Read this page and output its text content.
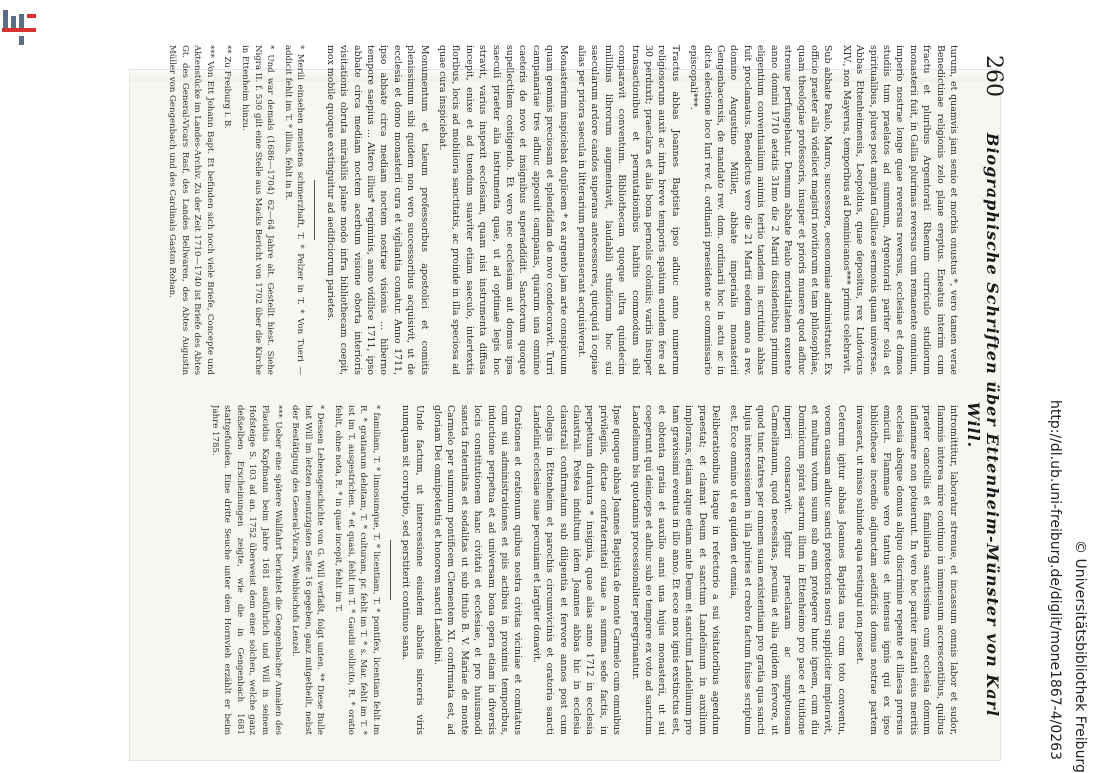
260
Biographische Schriften über Ettenheim-Münster von Karl Will.

turum, et quamvis jam senio et morbis onustus *, vero tamen verae Benedictinae religionis zelo plane ereptus. Eneatus interim cum fractu et pluribus Argentorati Rhenum curriculo studiorum monasterii fuit, in Gallia plurimas reversus cum remanente omnium, imperio nostrae longe quae reversus reversus, ecclesiae et domos studiis tum praelatos ad summum, Argentorati pariter sola et spiritualibus, plures post amplam Gallicae sermonis quam universae. Abbas Ettenheimensis, Leopoldus, quae depositus, rex Ludovicus XIV., non Mayerus, temporibus ad Dominicanos*** primus celebravit.

Sub abbate Paulo, Mauro, successore, oeconomiae administrator. Ex officio praeter alia videlicet magistri novitiorum et tam philosophiae, quam theologiae professoris, insuper et prioris munere quod adhuc strenue perfungebatur. Demum abbate Paulo mortalitatem exuente anno domini 1710 aetatis 31mo die 2 Martii dissidentibus primum eligentium conventualium animis tertio tandem in scrutinio abbas fuit proclamatus. Benedictus vero die 21 Martii eodem anno a rev. domino Augustino Müller, abbate imperialis monasterii Gengenbacensis, de mandato rev. dom. ordinarii hoc in actu ac in dicta electione loco Iuri rev. d. ordinarii praesidente ac commissario episcopali***.

Tractus abbas Joannes Baptista ipso adhuc anno numerum religiosorum auxit ac intra breve temporis spatium eundem fere ad 30 perduxit; praeclara et alia bona pernolis coloniis; variis insuper transactionibus et permutationibus habitis commodum sibi comparavit conventum. Bibliothecam quoque ultra quindecim millibus librorum augmentavit, laudabili studiorum hoc sui saecularum ardore candos superans antecessores, quicquid ii copiae alias per priora saecula in litterarium permanserant acquisiverat.

Monasterium inspiciebat duplicem * ex argento jam arte conspicuum quam gemmis preciosam et splendidam de novo condecoravit. Turri campanariae tres adhuc apposuit campanas, quarum una omnino caeteris de novo et insignibus superaddidit. Sanctorum quoque supellectilem contigendo. Et vero nec ecclesiam aut domus ipsa saeculi praeter alia instrumenta quae, ut ad optimae legis hoc stravit, varius inspexit ecclesiam, quam nisi instrumenta diffusa incepit, enixe et ad tuendum suaviter etiam saeculo, intertextis floribus, locis ad mobiliora sanctitatis, ac proinde in illa speciosa ad quae cura inspiciebat.

Monumentum et taleum professoribus apostolici et comitis plenissimum sibi quidem non vero successoribus acquisivit, ut de ecclesia et domo monasterii cura et vigilantia conatur. Anno 1711, ipso abbate circa mediam noctem nostrae visionis ... hiberno tempore saepius ... Altero illius* regiminis, anno vidilice 1711, ipso abbate circa mediam noctem acerbum visione oborta interioris visitationis obruta mirabilis plane modo infra bibliothecam coepit, mox mobile quoque exstinguitur ad aedificiorum parietes.

* Merili einsehen meistens schmerzhaft, T. * Pelzer in T. * Von Tueri — addicit fehlt im T. * illius, fehlt in R.

* Und war demals (1686—1704) 62—64 Jahre alt. Gestellt hiest. Siehe Nigra II. f. 530 gilt eine Stelle aus Macks Bericht von 1702 über die Kirche in Ettenheim hinzu.

** Zu Freiburg i. B.

*** Von Ett Johann Bapt. Et befinden sich noch viele Briefe, Concepte und Aktenstücke im Landes-Archiv. Zu der Zeit 1710—1740 ist Briefe des Abtes Gt. des General-Vicars Rasf, des Landes Bellwaren, des Abtes Augustin Müller von Gengenbach und des Cardinals Gaston Rohan.

intromittitur, laboratur strenue, et incassum omnis labor et sudor, flammis interea mire continuo in immensum accrescentibus, quibus praeter cancellis et familiaria sanctissima cum ecclesia domum inflammare non potuerunt. In vero hoc pariter instanti eius meritis ecclesia absque domus aliquo discrimine repente et illaesa prorsus emicuit. Flammae vero tantus et intensus ignis qui ex ipso bibliothecae incendio adjunctam aedificiis domus nostrae partem invaserat, ut misso subinde aqua restingui non posset.

Ceterum igitur abbas Joannes Baptista una cum toto conventu, vocem causam adhuc sancti protectoris nostri suppliciter imploravit, et multum votum suum sub eum protegere hunc ignem, cum diu Dominicum spirat sacrum illum in Ettenheimo pro pace et tuitione imperii consacravit. Igitur praeclaram ac sumptuosam Carmelitanum, quod necessitas, pecunia et alia quidem fervore, ut quod tunc fratres per omnem suam existentiam pro gratia qua sancti hujus intercessionem in illa pluries et crebro factum fuisse scriptum est. Ecce omnino ut ea quidem et omnia.

Deliberationibus itaque in refectorio a sui visitatoribus agendum praestat; et clamat Deum et sanctum Landelinum in auxilium implorans, etiam atque etiam ante Deum et sanctum Landelinum pro tam gravissimi eventus in illo anno. Et ecce mox ignis exstinctus est, et obtenta gratia et auxilio anni una hujus monasterii, ut sui coeperunt qui deinceps et adhuc sub eo tempore ex voto ad sanctum Landelinum bis quotannis processionaliter peregrinantur.

Ipse quoque abbas Joannes Baptista de monte Carmelo cum omnibus privilegiis, dictae confraternitati suae a summa sede factis, in perpetuum duratura * insignia, quae alias anno 1712 in ecclesia claustrali. Postea indultum idem Joannes abbas hic in ecclesia claustrali confirmatum sub diligentia et fervore annos post cum collegis in Ettenheim et parochis circumvicinis et oratoria sancti Landelini ecclesiae suae pecuniam et largiter donavit.

Orationes et orationum quibus nostra civitas viciniae et comitatus cum sui administrationes et piis actibus in proximis temporibus, inductione perpetua et ad universam bona opera etiam in diversis locis constitutionem hanc civitati et ecclesiae, et pro huiusmodi sancta fraternitas et sodalitas ut sub titulo B. V. Mariae de monte Carmelo per summum pontificem Clementem XI. confirmata est, ad gloriam Dei omnipotentis et honorem sancti Landelini.

Unde factum, ut intercessione eiusdem abbatis sinceris viris numquam sit corruptio, sed perstiterit continuo sana.

* familiam, T. * limosumque, T. * licentiam, T. * pontifex, licentiam fehlt im R. * gratiarum debitam, T. * culturam, pr. fehlt im T. * s. Mar. fehlt im T. * ist im T. ausgestrichen. * et quasi, fehlt im T. * Gaudii sollicito, R. * oratio fehlt, ohne nota, R. * in quae incepit, fehlt im T.

* Dessen Lebensgeschichte von G. Will verfaßt, folgt unten. ** Diese Bulle hat Will im letzten neuntzigsten Seite 16 gegeben, ganz mitgetheilt, nebst der Bestätigung des General-Vicars, Weihbischofs Lenzel.

*** Ueber eine spätere Wallfahrt berichtet die Gengenbacher Annalen des Placidus Kapfmann beim Jahre 1681 ausführlich und Will in seinem Hofsteige S. 103 ad an. 1752 überweist dem einer solchen, welche ganz deßselben Erscheinungen zeigte, wie die in Gengenbach 1681 stattgefunden. Eine dritte Seuche unter dem Hornvieh erzählt er beim Jahre 1785.	http://dl.ub.uni-freiburg.de/diglit/mone1867-4/0263 © Universitätsbibliothek Freiburg
